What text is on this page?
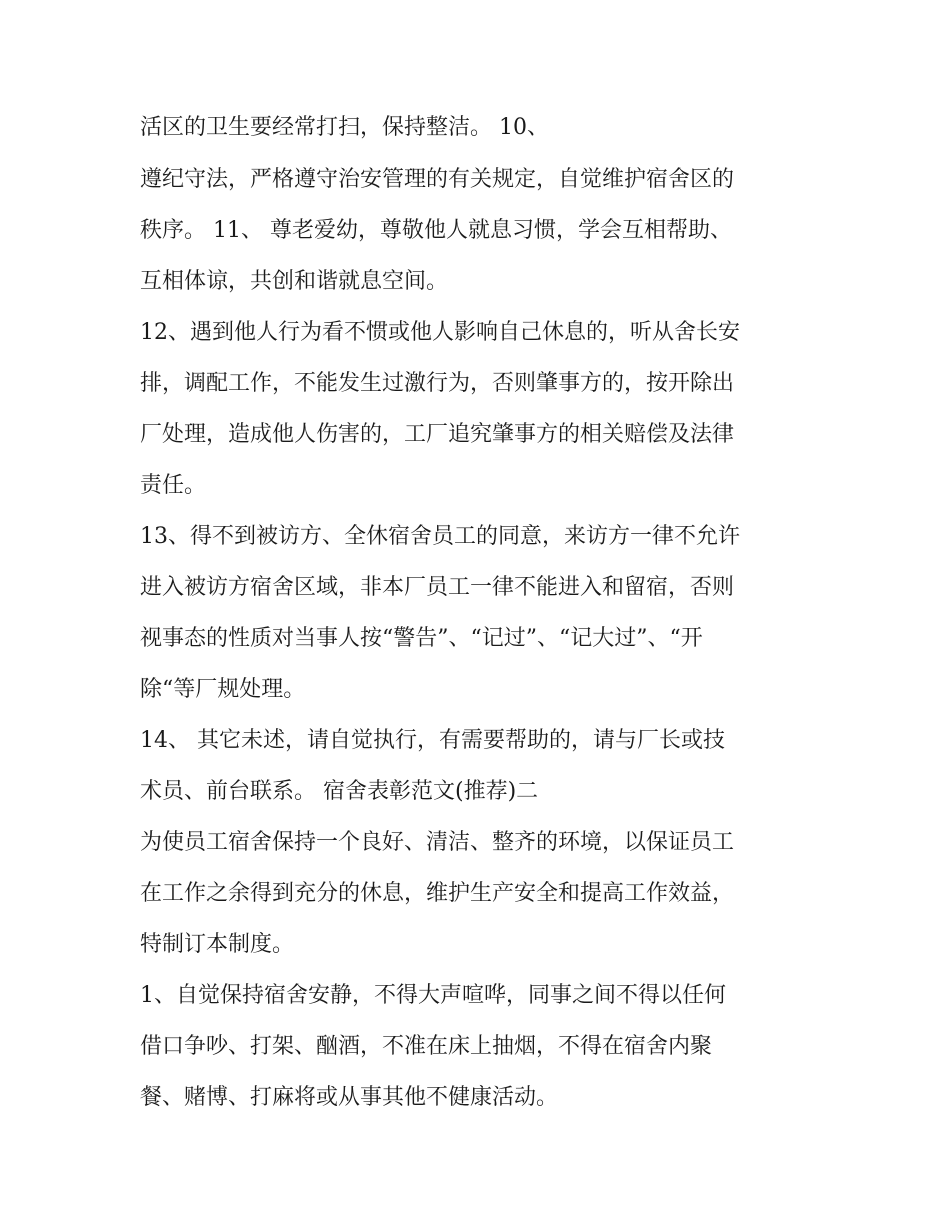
活区的卫生要经常打扫，保持整洁。 10、
遵纪守法，严格遵守治安管理的有关规定，自觉维护宿舍区的
秩序。 11、 尊老爱幼，尊敬他人就息习惯，学会互相帮助、
互相体谅，共创和谐就息空间。
12、遇到他人行为看不惯或他人影响自己休息的，听从舍长安
排，调配工作，不能发生过激行为，否则肇事方的，按开除出
厂处理，造成他人伤害的，工厂追究肇事方的相关赔偿及法律
责任。
13、得不到被访方、全休宿舍员工的同意，来访方一律不允许
进入被访方宿舍区域，非本厂员工一律不能进入和留宿，否则
视事态的性质对当事人按“警告”、“记过”、“记大过”、“开
除“等厂规处理。
14、 其它未述，请自觉执行，有需要帮助的，请与厂长或技
术员、前台联系。 宿舍表彰范文(推荐)二
为使员工宿舍保持一个良好、清洁、整齐的环境，以保证员工
在工作之余得到充分的休息，维护生产安全和提高工作效益，
特制订本制度。
1、自觉保持宿舍安静，不得大声喧哗，同事之间不得以任何
借口争吵、打架、酗酒，不准在床上抽烟，不得在宿舍内聚
餐、赌博、打麻将或从事其他不健康活动。
